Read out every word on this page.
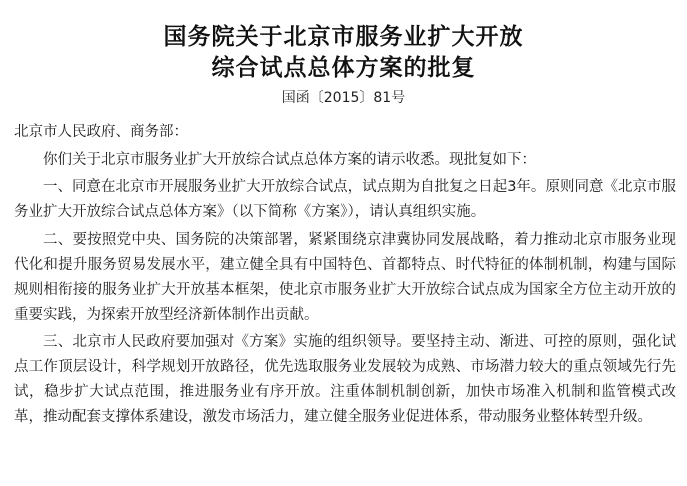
国务院关于北京市服务业扩大开放
综合试点总体方案的批复
国函〔2015〕81号

北京市人民政府、商务部：

你们关于北京市服务业扩大开放综合试点总体方案的请示收悉。现批复如下：

一、同意在北京市开展服务业扩大开放综合试点，试点期为自批复之日起3年。原则同意《北京市服务业扩大开放综合试点总体方案》（以下简称《方案》），请认真组织实施。

二、要按照党中央、国务院的决策部署，紧紧围绕京津冀协同发展战略，着力推动北京市服务业现代化和提升服务贸易发展水平，建立健全具有中国特色、首都特点、时代特征的体制机制，构建与国际规则相衔接的服务业扩大开放基本框架，使北京市服务业扩大开放综合试点成为国家全方位主动开放的重要实践，为探索开放型经济新体制作出贡献。

三、北京市人民政府要加强对《方案》实施的组织领导。要坚持主动、渐进、可控的原则，强化试点工作顶层设计，科学规划开放路径，优先选取服务业发展较为成熟、市场潜力较大的重点领域先行先试，稳步扩大试点范围，推进服务业有序开放。注重体制机制创新，加快市场准入机制和监管模式改革，推动配套支撑体系建设，激发市场活力，建立健全服务业促进体系，带动服务业整体转型升级。
